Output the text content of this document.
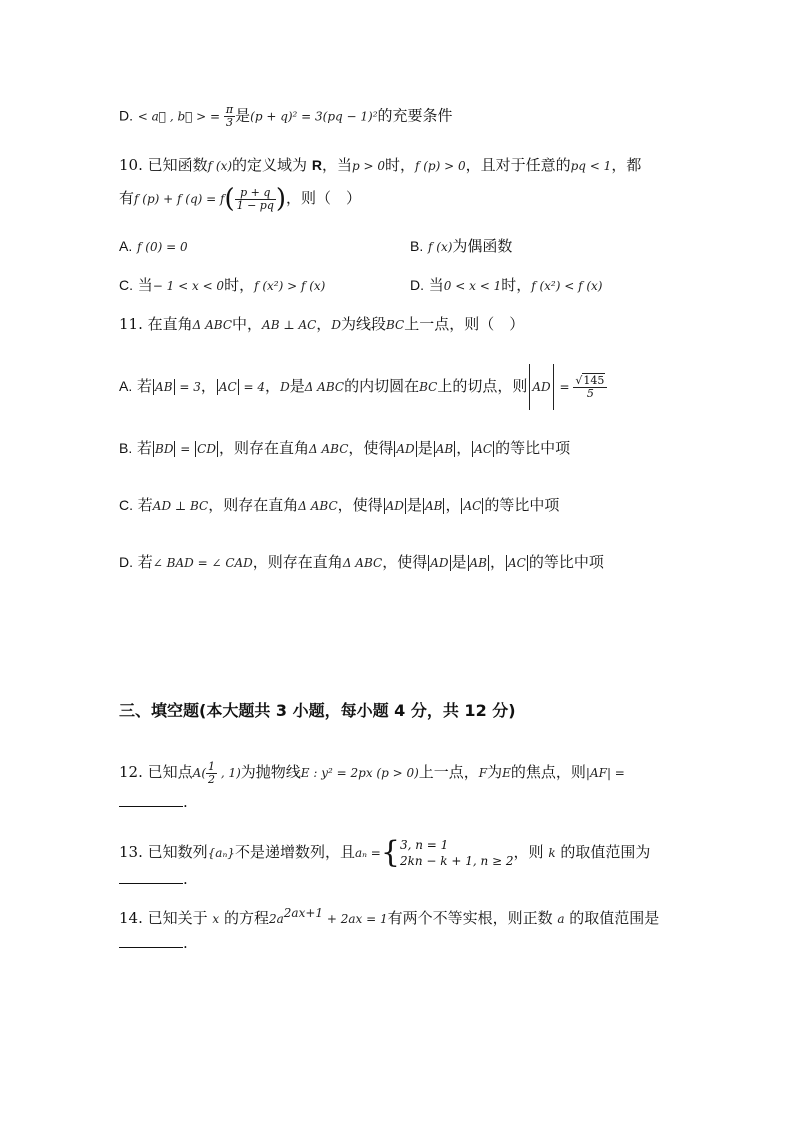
D. < a⃗ , b⃗ > = $\frac{\pi}{3}$ 是(p + q)² = 3(pq − 1)²的充要条件
10. 已知函数f (x)的定义域为 R，当p > 0时，f (p) > 0，且对于任意的pq < 1，都
有f (p) + f $(q) = f( \frac{p + q}{1 - pq}$ )，则（　）
A. f (0) = 0	B. f (x)为偶函数
C. 当− 1 < x < 0时，f (x²) > f (x)	D. 当0 < x < 1时，f (x²) < f (x)
11. 在直角Δ ABC中，AB ⊥ AC，D为线段BC上一点，则（　）
A. 若 AB = 3， AC = 4，D是Δ ABC的内切圆在BC上的切点，则 AD = $\frac{√145}{5}$
B. 若 BD = CD ，则存在直角Δ ABC，使得 AD 是 AB ， AC 的等比中项
C. 若AD ⊥ BC，则存在直角Δ ABC，使得 AD 是 AB ， AC 的等比中项
D. 若∠ BAD = ∠ CAD，则存在直角Δ ABC，使得 AD 是 AB ， AC 的等比中项
三、填空题(本大题共 3 小题，每小题 4 分，共 12 分)
12. 已知点$A( \frac{1}{2}$ , 1)为抛物线E : y² = 2px (p > 0)上一点，F为E的焦点，则|AF| =
.
13. 已知数列{aₙ}不是递增数列，且aₙ ={ 3, n = 1
2kn − k + 1, n ≥ 2 ，则 k 的取值范围为
.
14. 已知关于 x 的方程$2a^{2ax+1} + 2ax = 1$有两个不等实根，则正数 a 的取值范围是
.
